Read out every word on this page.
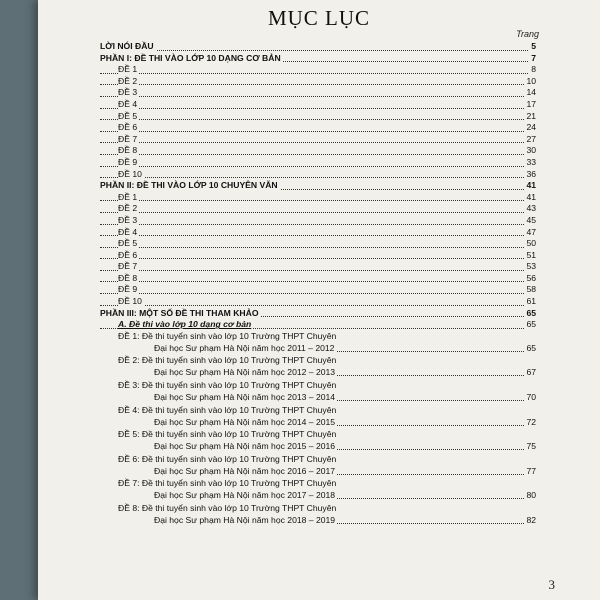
MỤC LỤC
Trang
LỜI NÓI ĐẦU	5
PHẦN I: ĐỀ THI VÀO LỚP 10 DẠNG CƠ BẢN	7
ĐỀ 1	8
ĐỀ 2	10
ĐỀ 3	14
ĐỀ 4	17
ĐỀ 5	21
ĐỀ 6	24
ĐỀ 7	27
ĐỀ 8	30
ĐỀ 9	33
ĐỀ 10	36
PHẦN II: ĐỀ THI VÀO LỚP 10 CHUYÊN VĂN	41
ĐỀ 1	41
ĐỀ 2	43
ĐỀ 3	45
ĐỀ 4	47
ĐỀ 5	50
ĐỀ 6	51
ĐỀ 7	53
ĐỀ 8	56
ĐỀ 9	58
ĐỀ 10	61
PHẦN III: MỘT SỐ ĐỀ THI THAM KHẢO	65
A. Đề thi vào lớp 10 dạng cơ bản	65
ĐỀ 1: Đề thi tuyển sinh vào lớp 10 Trường THPT Chuyên
Đại học Sư phạm Hà Nội năm học 2011 – 2012	65
ĐỀ 2: Đề thi tuyển sinh vào lớp 10 Trường THPT Chuyên
Đại học Sư phạm Hà Nội năm học 2012 – 2013	67
ĐỀ 3: Đề thi tuyển sinh vào lớp 10 Trường THPT Chuyên
Đại học Sư phạm Hà Nội năm học 2013 – 2014	70
ĐỀ 4: Đề thi tuyển sinh vào lớp 10 Trường THPT Chuyên
Đại học Sư phạm Hà Nội năm học 2014 – 2015	72
ĐỀ 5: Đề thi tuyển sinh vào lớp 10 Trường THPT Chuyên
Đại học Sư phạm Hà Nội năm học 2015 – 2016	75
ĐỀ 6: Đề thi tuyển sinh vào lớp 10 Trường THPT Chuyên
Đại học Sư phạm Hà Nội năm học 2016 – 2017	77
ĐỀ 7: Đề thi tuyển sinh vào lớp 10 Trường THPT Chuyên
Đại học Sư phạm Hà Nội năm học 2017 – 2018	80
ĐỀ 8: Đề thi tuyển sinh vào lớp 10 Trường THPT Chuyên
Đại học Sư phạm Hà Nội năm học 2018 – 2019	82
3
